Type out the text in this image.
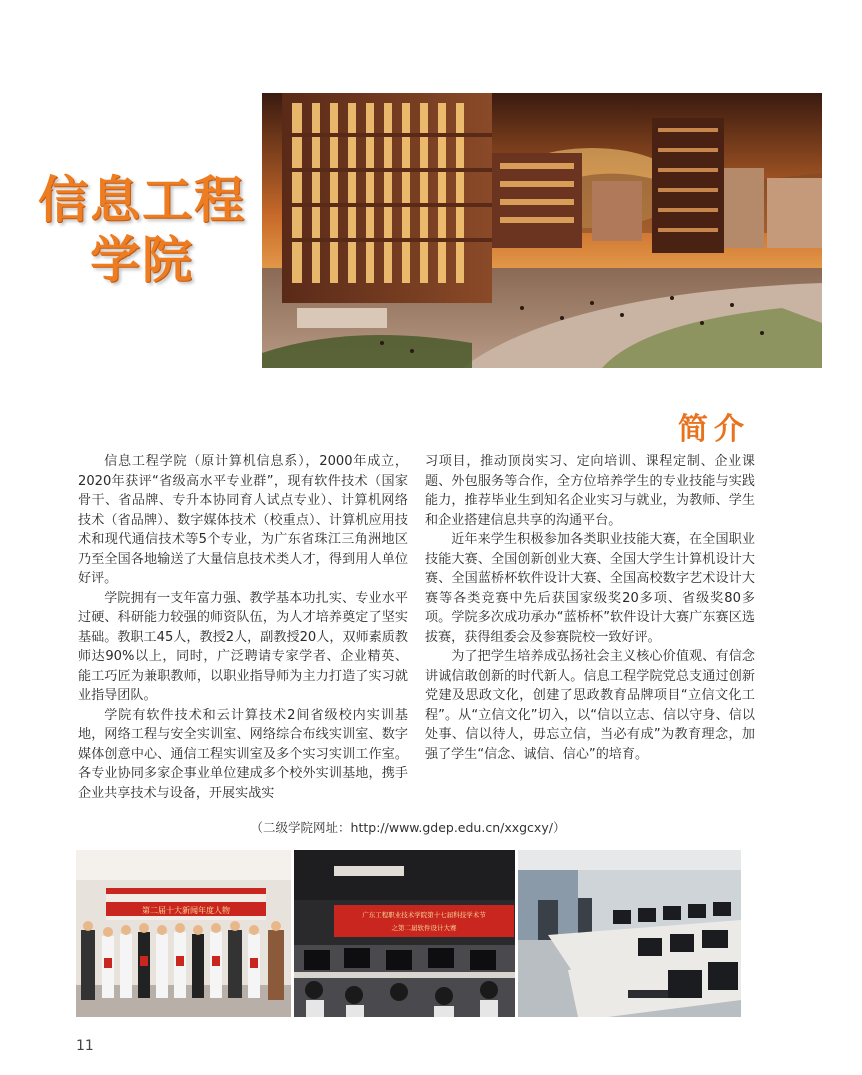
信息工程学院
简介

信息工程学院（原计算机信息系），2000年成立，2020年获评“省级高水平专业群”，现有软件技术（国家骨干、省品牌、专升本协同育人试点专业）、计算机网络技术（省品牌）、数字媒体技术（校重点）、计算机应用技术和现代通信技术等5个专业，为广东省珠江三角洲地区乃至全国各地输送了大量信息技术类人才，得到用人单位好评。

学院拥有一支年富力强、教学基本功扎实、专业水平过硬、科研能力较强的师资队伍，为人才培养奠定了坚实基础。教职工45人，教授2人，副教授20人，双师素质教师达90%以上，同时，广泛聘请专家学者、企业精英、能工巧匠为兼职教师，以职业指导师为主力打造了实习就业指导团队。

学院有软件技术和云计算技术2间省级校内实训基地，网络工程与安全实训室、网络综合布线实训室、数字媒体创意中心、通信工程实训室及多个实习实训工作室。各专业协同多家企事业单位建成多个校外实训基地，携手企业共享技术与设备，开展实战实

习项目，推动顶岗实习、定向培训、课程定制、企业课题、外包服务等合作，全方位培养学生的专业技能与实践能力，推荐毕业生到知名企业实习与就业，为教师、学生和企业搭建信息共享的沟通平台。

近年来学生积极参加各类职业技能大赛，在全国职业技能大赛、全国创新创业大赛、全国大学生计算机设计大赛、全国蓝桥杯软件设计大赛、全国高校数字艺术设计大赛等各类竞赛中先后获国家级奖20多项、省级奖80多项。学院多次成功承办“蓝桥杯”软件设计大赛广东赛区选拔赛，获得组委会及参赛院校一致好评。

为了把学生培养成弘扬社会主义核心价值观、有信念讲诚信敢创新的时代新人。信息工程学院党总支通过创新党建及思政文化，创建了思政教育品牌项目“立信文化工程”。从“立信文化”切入，以“信以立志、信以守身、信以处事、信以待人，毋忘立信，当必有成”为教育理念，加强了学生“信念、诚信、信心”的培育。

（二级学院网址：http://www.gdep.edu.cn/xxgcxy/）
第二届十大新闻年度人物	广东工程职业技术学院第十七届科技学术节
之第二届软件设计大赛
11
